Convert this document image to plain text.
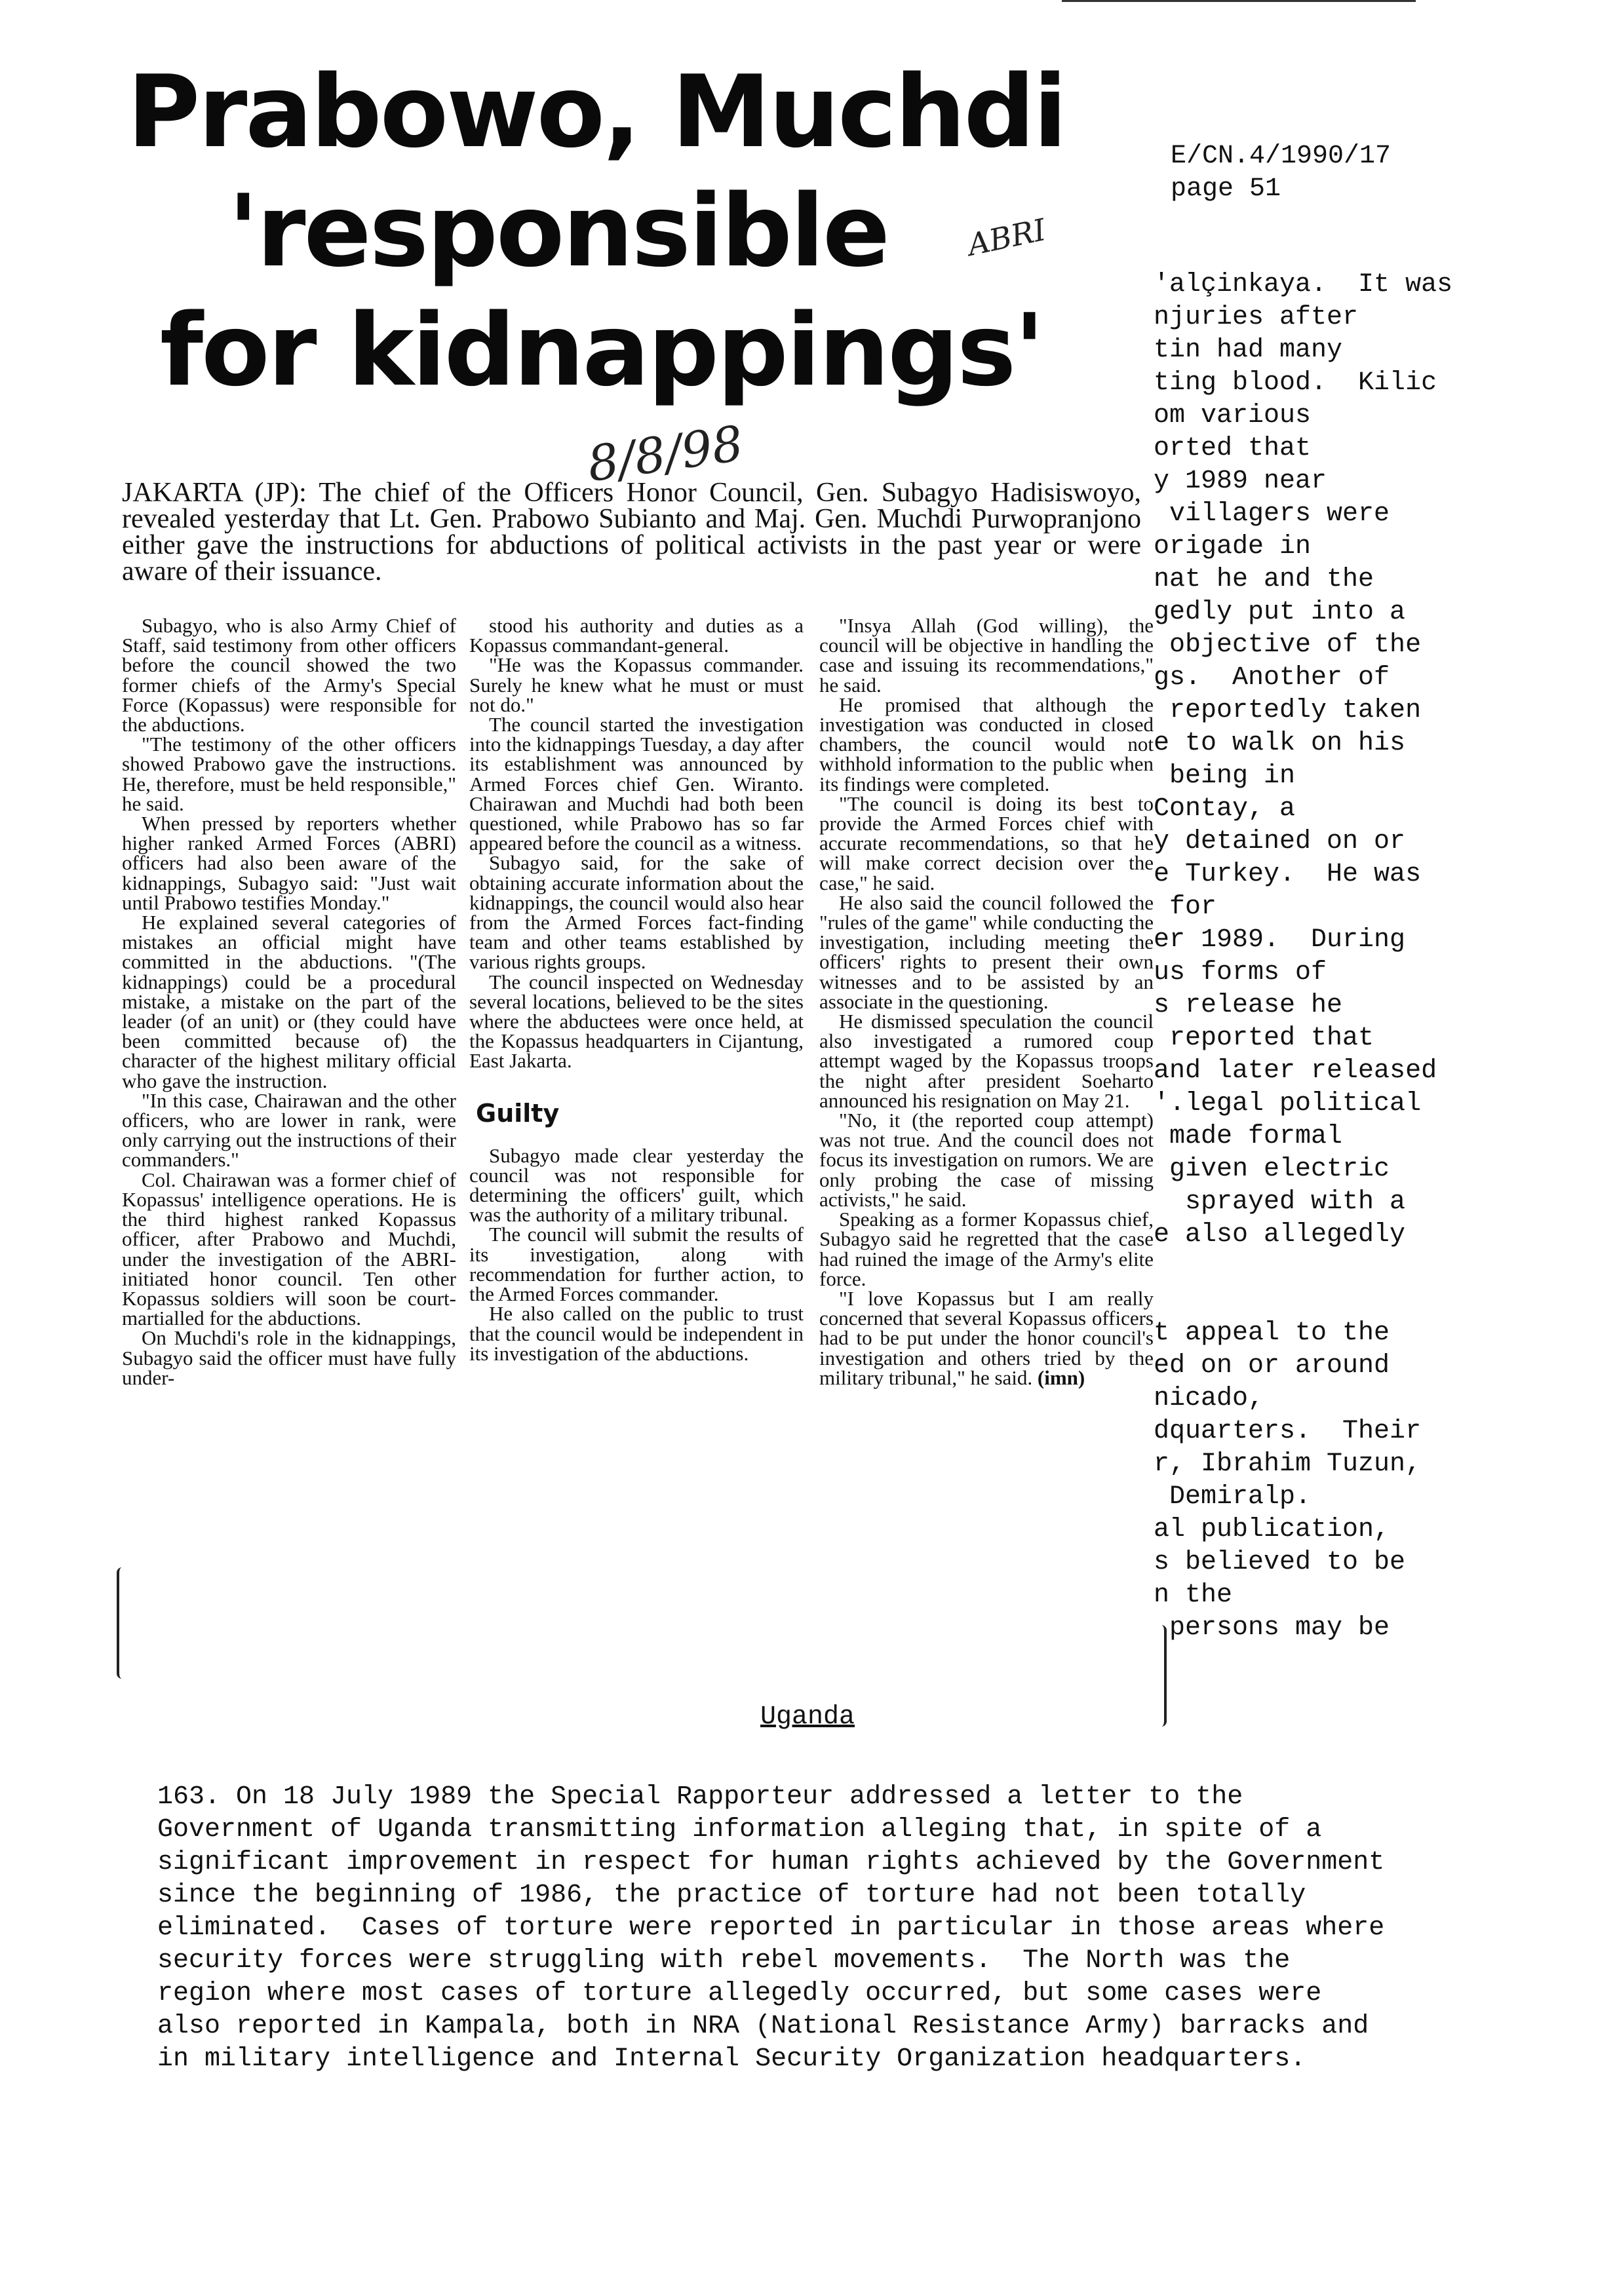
E/CN.4/1990/17
page 51
'alçinkaya.  It was
njuries after
tin had many
ting blood.  Kilic
om various
orted that
y 1989 near
villagers were
origade in
nat he and the
gedly put into a
objective of the
gs.  Another of
reportedly taken
e to walk on his
being in
Contay, a
y detained on or
e Turkey.  He was
for
er 1989.  During
us forms of
s release he
reported that
and later released
'.legal political
made formal
given electric
sprayed with a
e also allegedly
t appeal to the
ed on or around
nicado,
dquarters.  Their
r, Ibrahim Tuzun,
Demiralp.
al publication,
s believed to be
n the
persons may be
Uganda
163. On 18 July 1989 the Special Rapporteur addressed a letter to the
Government of Uganda transmitting information alleging that, in spite of a
significant improvement in respect for human rights achieved by the Government
since the beginning of 1986, the practice of torture had not been totally
eliminated.  Cases of torture were reported in particular in those areas where
security forces were struggling with rebel movements.  The North was the
region where most cases of torture allegedly occurred, but some cases were
also reported in Kampala, both in NRA (National Resistance Army) barracks and
in military intelligence and Internal Security Organization headquarters.
Prabowo, Muchdi
'responsible
for kidnappings'
ABRI
8/8/98
JAKARTA (JP): The chief of the Officers Honor Council, Gen. Subagyo Hadisiswoyo, revealed yesterday that Lt. Gen. Prabowo Subianto and Maj. Gen. Muchdi Purwopranjono either gave the instructions for abductions of political activists in the past year or were aware of their issuance.

Subagyo, who is also Army Chief of Staff, said testimony from other officers before the council showed the two former chiefs of the Army's Special Force (Kopassus) were responsible for the abductions.

"The testimony of the other officers showed Prabowo gave the instructions. He, therefore, must be held responsible," he said.

When pressed by reporters whether higher ranked Armed Forces (ABRI) officers had also been aware of the kidnappings, Subagyo said: "Just wait until Prabowo testifies Monday."

He explained several categories of mistakes an official might have committed in the abductions. "(The kidnappings) could be a procedural mistake, a mistake on the part of the leader (of an unit) or (they could have been committed because of) the character of the highest military official who gave the instruction.

"In this case, Chairawan and the other officers, who are lower in rank, were only carrying out the instructions of their commanders."

Col. Chairawan was a former chief of Kopassus' intelligence operations. He is the third highest ranked Kopassus officer, after Prabowo and Muchdi, under the investigation of the ABRI-initiated honor council. Ten other Kopassus soldiers will soon be court-martialled for the abductions.

On Muchdi's role in the kidnappings, Subagyo said the officer must have fully under-

stood his authority and duties as a Kopassus commandant-general.

"He was the Kopassus commander. Surely he knew what he must or must not do."

The council started the investigation into the kidnappings Tuesday, a day after its establishment was announced by Armed Forces chief Gen. Wiranto. Chairawan and Muchdi had both been questioned, while Prabowo has so far appeared before the council as a witness.

Subagyo said, for the sake of obtaining accurate information about the kidnappings, the council would also hear from the Armed Forces fact-finding team and other teams established by various rights groups.

The council inspected on Wednesday several locations, believed to be the sites where the abductees were once held, at the Kopassus headquarters in Cijantung, East Jakarta.

Guilty

Subagyo made clear yesterday the council was not responsible for determining the officers' guilt, which was the authority of a military tribunal.

The council will submit the results of its investigation, along with recommendation for further action, to the Armed Forces commander.

He also called on the public to trust that the council would be independent in its investigation of the abductions.

"Insya Allah (God willing), the council will be objective in handling the case and issuing its recommendations," he said.

He promised that although the investigation was conducted in closed chambers, the council would not withhold information to the public when its findings were completed.

"The council is doing its best to provide the Armed Forces chief with accurate recommendations, so that he will make correct decision over the case," he said.

He also said the council followed the "rules of the game" while conducting the investigation, including meeting the officers' rights to present their own witnesses and to be assisted by an associate in the questioning.

He dismissed speculation the council also investigated a rumored coup attempt waged by the Kopassus troops the night after president Soeharto announced his resignation on May 21.

"No, it (the reported coup attempt) was not true. And the council does not focus its investigation on rumors. We are only probing the case of missing activists," he said.

Speaking as a former Kopassus chief, Subagyo said he regretted that the case had ruined the image of the Army's elite force.

"I love Kopassus but I am really concerned that several Kopassus officers had to be put under the honor council's investigation and others tried by the military tribunal," he said. (imn)
